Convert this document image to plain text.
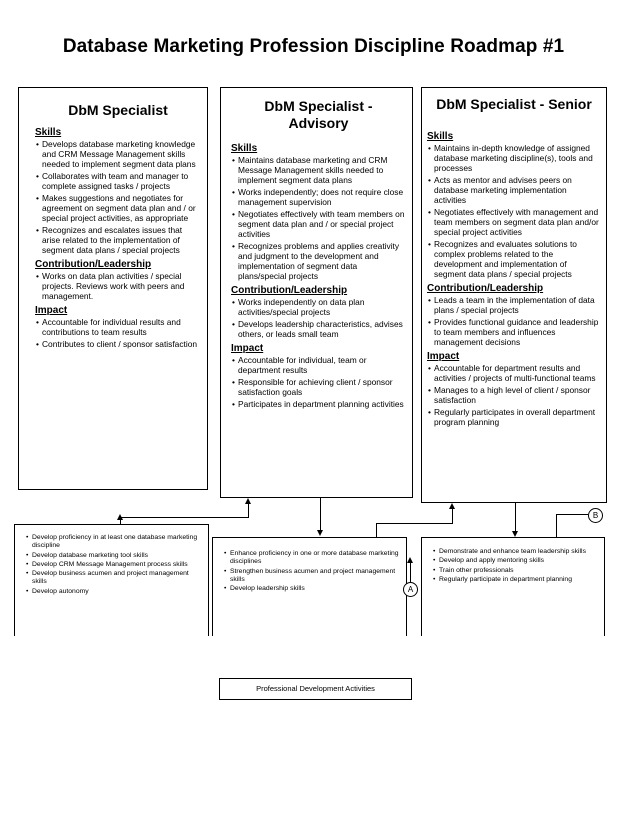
Database Marketing Profession Discipline Roadmap #1
DbM Specialist
Skills
• Develops database marketing knowledge and CRM Message Management skills needed to implement segment data plans
• Collaborates with team and manager to complete assigned tasks / projects
• Makes suggestions and negotiates for agreement on segment data plan and / or special project activities, as appropriate
• Recognizes and escalates issues that arise related to the implementation of segment data plans / special projects
Contribution/Leadership
• Works on data plan activities / special projects. Reviews work with peers and management.
Impact
• Accountable for individual results and contributions to team results
• Contributes to client / sponsor satisfaction
DbM Specialist - Advisory
Skills
• Maintains database marketing and CRM Message Management skills needed to implement segment data plans
• Works independently; does not require close management supervision
• Negotiates effectively with team members on segment data plan and / or special project activities
• Recognizes problems and applies creativity and judgment to the development and implementation of segment data plans/special projects
Contribution/Leadership
• Works independently on data plan activities/special projects
• Develops leadership characteristics, advises others, or leads small team
Impact
• Accountable for individual, team or department results
• Responsible for achieving client / sponsor satisfaction goals
• Participates in department planning activities
DbM Specialist - Senior
Skills
• Maintains in-depth knowledge of assigned database marketing discipline(s), tools and processes
• Acts as mentor and advises peers on database marketing implementation activities
• Negotiates effectively with management and team members on segment data plan and/or special project activities
• Recognizes and evaluates solutions to complex problems related to the development and implementation of segment data plans / special projects
Contribution/Leadership
• Leads a team in the implementation of data plans / special projects
• Provides functional guidance and leadership to team members and influences management decisions
Impact
• Accountable for department results and activities / projects of multi-functional teams
• Manages to a high level of client / sponsor satisfaction
• Regularly participates in overall department program planning
• Develop proficiency in at least one database marketing discipline
• Develop database marketing tool skills
• Develop CRM Message Management process skills
• Develop business acumen and project management skills
• Develop autonomy
• Enhance proficiency in one or more database marketing disciplines
• Strengthen business acumen and project management skills
• Develop leadership skills
• Demonstrate and enhance team leadership skills
• Develop and apply mentoring skills
• Train other professionals
• Regularly participate in department planning
B
A
Professional Development Activities
